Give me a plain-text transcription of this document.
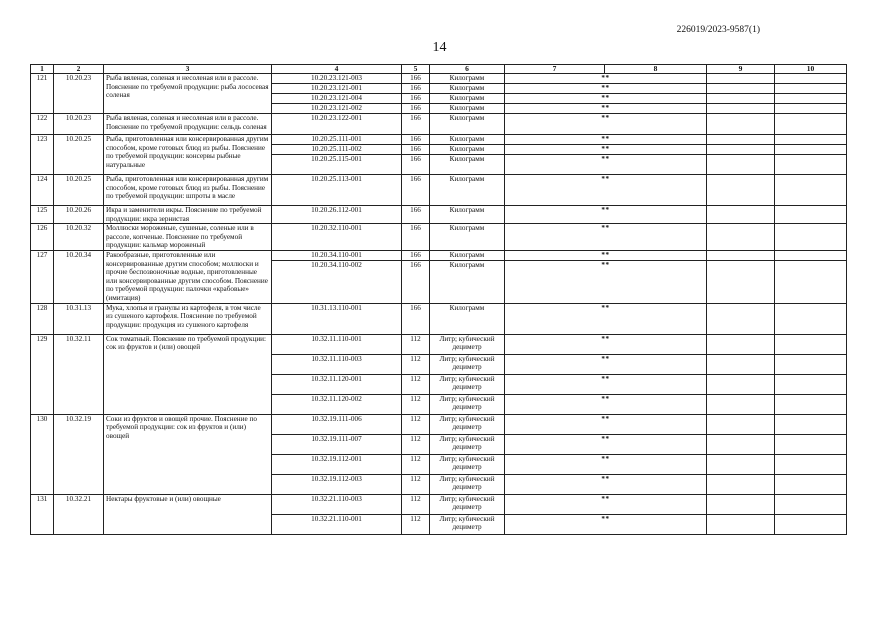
226019/2023-9587(1)
14
1	2	3	4	5	6	7	8	9	10
121	10.20.23	Рыба вяленая, соленая и несоленая или в рассоле. Пояснение по требуемой продукции: рыба лососевая соленая	10.20.23.121-003	166	Килограмм	**			
			10.20.23.121-001	166	Килограмм	**			
			10.20.23.121-004	166	Килограмм	**			
			10.20.23.121-002	166	Килограмм	**			
122	10.20.23	Рыба вяленая, соленая и несоленая или в рассоле. Пояснение по требуемой продукции: сельдь соленая	10.20.23.122-001	166	Килограмм	**			
123	10.20.25	Рыба, приготовленная или консервированная другим способом, кроме готовых блюд из рыбы. Пояснение по требуемой продукции: консервы рыбные натуральные	10.20.25.111-001	166	Килограмм	**			
			10.20.25.111-002	166	Килограмм	**			
			10.20.25.115-001	166	Килограмм	**			
124	10.20.25	Рыба, приготовленная или консервированная другим способом, кроме готовых блюд из рыбы. Пояснение по требуемой продукции: шпроты в масле	10.20.25.113-001	166	Килограмм	**			
125	10.20.26	Икра и заменители икры. Пояснение по требуемой продукции: икра зернистая	10.20.26.112-001	166	Килограмм	**			
126	10.20.32	Моллюски мороженые, сушеные, соленые или в рассоле, копченые. Пояснение по требуемой продукции: кальмар мороженый	10.20.32.110-001	166	Килограмм	**			
127	10.20.34	Ракообразные, приготовленные или консервированные другим способом; моллюски и прочие беспозвоночные водные, приготовленные или консервированные другим способом. Пояснение по требуемой продукции: палочки «крабовые» (имитация)	10.20.34.110-001	166	Килограмм	**			
			10.20.34.110-002	166	Килограмм	**			
128	10.31.13	Мука, хлопья и гранулы из картофеля, в том числе из сушеного картофеля. Пояснение по требуемой продукции: продукция из сушеного картофеля	10.31.13.110-001	166	Килограмм	**			
129	10.32.11	Сок томатный. Пояснение по требуемой продукции: сок из фруктов и (или) овощей	10.32.11.110-001	112	Литр; кубический дециметр	**			
			10.32.11.110-003	112	Литр; кубический дециметр	**			
			10.32.11.120-001	112	Литр; кубический дециметр	**			
			10.32.11.120-002	112	Литр; кубический дециметр	**			
130	10.32.19	Соки из фруктов и овощей прочие. Пояснение по требуемой продукции: сок из фруктов и (или) овощей	10.32.19.111-006	112	Литр; кубический дециметр	**			
			10.32.19.111-007	112	Литр; кубический дециметр	**			
			10.32.19.112-001	112	Литр; кубический дециметр	**			
			10.32.19.112-003	112	Литр; кубический дециметр	**			
131	10.32.21	Нектары фруктовые и (или) овощные	10.32.21.110-003	112	Литр; кубический дециметр	**			
			10.32.21.110-001	112	Литр; кубический дециметр	**			
